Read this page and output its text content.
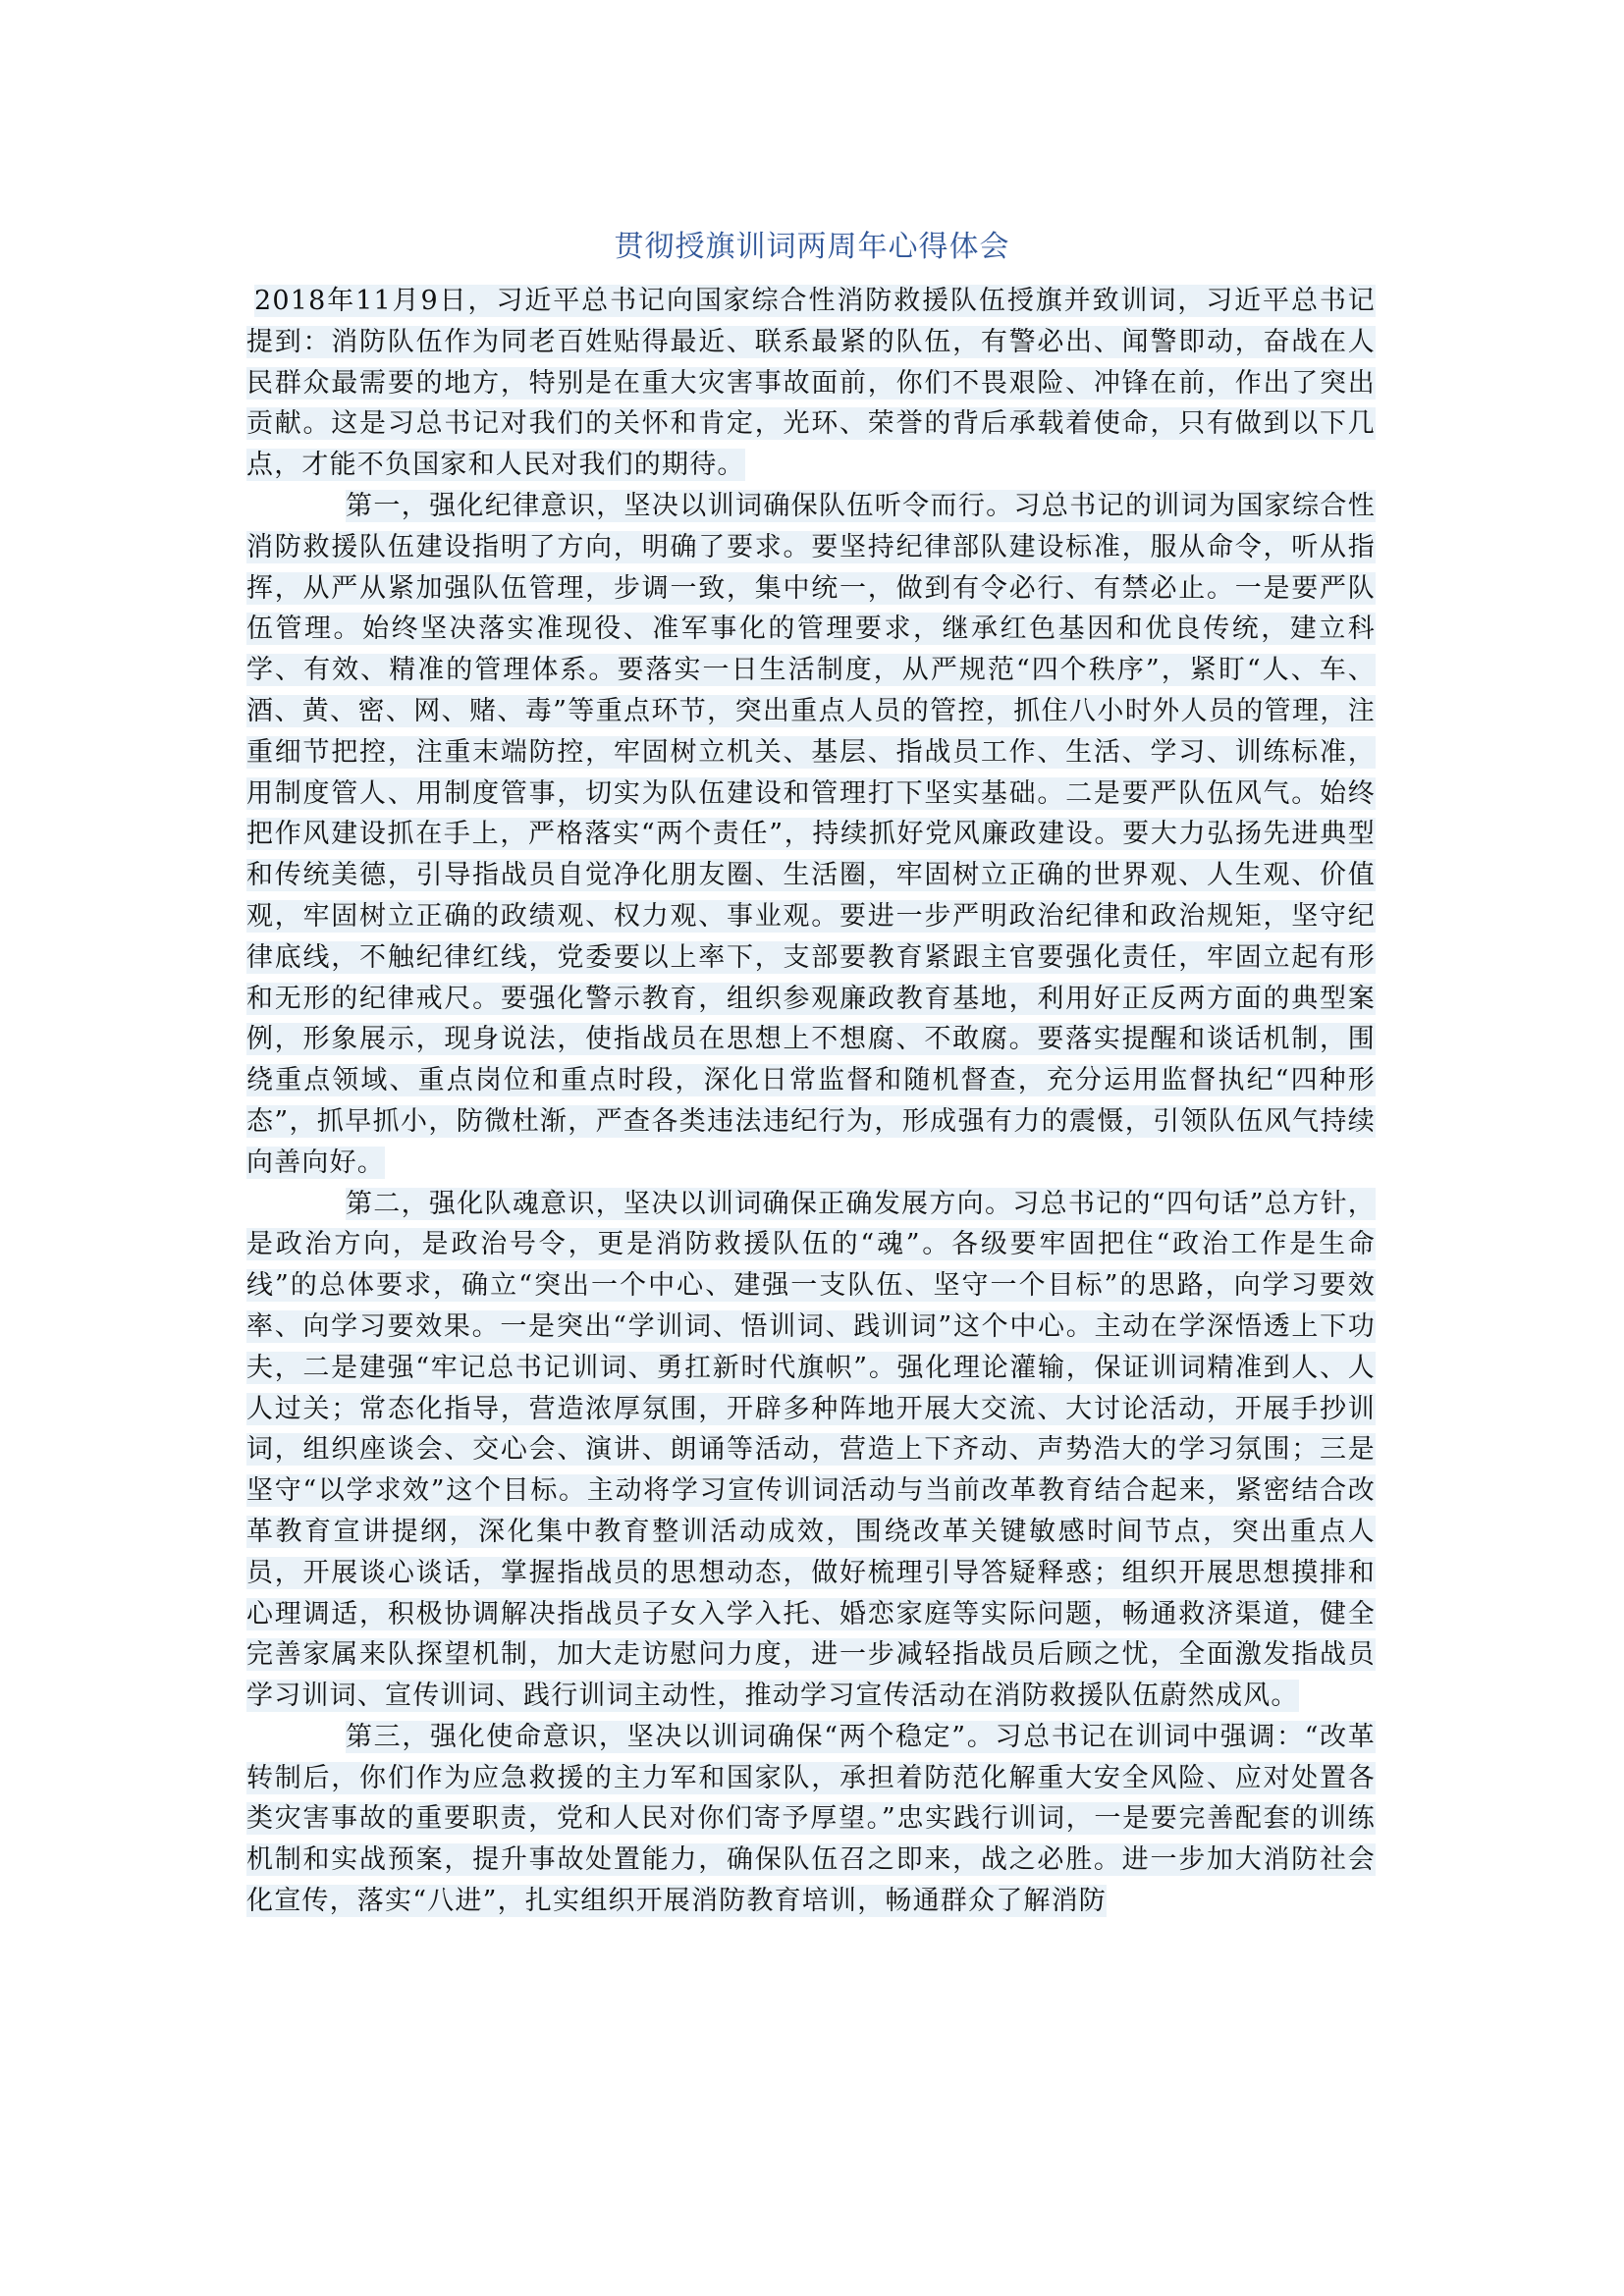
贯彻授旗训词两周年心得体会

2018年11月9日，习近平总书记向国家综合性消防救援队伍授旗并致训词，习近平总书记提到：消防队伍作为同老百姓贴得最近、联系最紧的队伍，有警必出、闻警即动，奋战在人民群众最需要的地方，特别是在重大灾害事故面前，你们不畏艰险、冲锋在前，作出了突出贡献。这是习总书记对我们的关怀和肯定，光环、荣誉的背后承载着使命，只有做到以下几点，才能不负国家和人民对我们的期待。

第一，强化纪律意识，坚决以训词确保队伍听令而行。习总书记的训词为国家综合性消防救援队伍建设指明了方向，明确了要求。要坚持纪律部队建设标准，服从命令，听从指挥，从严从紧加强队伍管理，步调一致，集中统一，做到有令必行、有禁必止。一是要严队伍管理。始终坚决落实准现役、准军事化的管理要求，继承红色基因和优良传统，建立科学、有效、精准的管理体系。要落实一日生活制度，从严规范“四个秩序”，紧盯“人、车、酒、黄、密、网、赌、毒”等重点环节，突出重点人员的管控，抓住八小时外人员的管理，注重细节把控，注重末端防控，牢固树立机关、基层、指战员工作、生活、学习、训练标准，用制度管人、用制度管事，切实为队伍建设和管理打下坚实基础。二是要严队伍风气。始终把作风建设抓在手上，严格落实“两个责任”，持续抓好党风廉政建设。要大力弘扬先进典型和传统美德，引导指战员自觉净化朋友圈、生活圈，牢固树立正确的世界观、人生观、价值观，牢固树立正确的政绩观、权力观、事业观。要进一步严明政治纪律和政治规矩，坚守纪律底线，不触纪律红线，党委要以上率下，支部要教育紧跟主官要强化责任，牢固立起有形和无形的纪律戒尺。要强化警示教育，组织参观廉政教育基地，利用好正反两方面的典型案例，形象展示，现身说法，使指战员在思想上不想腐、不敢腐。要落实提醒和谈话机制，围绕重点领域、重点岗位和重点时段，深化日常监督和随机督查，充分运用监督执纪“四种形态”，抓早抓小，防微杜渐，严查各类违法违纪行为，形成强有力的震慑，引领队伍风气持续向善向好。

第二，强化队魂意识，坚决以训词确保正确发展方向。习总书记的“四句话”总方针，是政治方向，是政治号令，更是消防救援队伍的“魂”。各级要牢固把住“政治工作是生命线”的总体要求，确立“突出一个中心、建强一支队伍、坚守一个目标”的思路，向学习要效率、向学习要效果。一是突出“学训词、悟训词、践训词”这个中心。主动在学深悟透上下功夫，二是建强“牢记总书记训词、勇扛新时代旗帜”。强化理论灌输，保证训词精准到人、人人过关；常态化指导，营造浓厚氛围，开辟多种阵地开展大交流、大讨论活动，开展手抄训词，组织座谈会、交心会、演讲、朗诵等活动，营造上下齐动、声势浩大的学习氛围；三是坚守“以学求效”这个目标。主动将学习宣传训词活动与当前改革教育结合起来，紧密结合改革教育宣讲提纲，深化集中教育整训活动成效，围绕改革关键敏感时间节点，突出重点人员，开展谈心谈话，掌握指战员的思想动态，做好梳理引导答疑释惑；组织开展思想摸排和心理调适，积极协调解决指战员子女入学入托、婚恋家庭等实际问题，畅通救济渠道，健全完善家属来队探望机制，加大走访慰问力度，进一步减轻指战员后顾之忧，全面激发指战员学习训词、宣传训词、践行训词主动性，推动学习宣传活动在消防救援队伍蔚然成风。

第三，强化使命意识，坚决以训词确保“两个稳定”。习总书记在训词中强调：“改革转制后，你们作为应急救援的主力军和国家队，承担着防范化解重大安全风险、应对处置各类灾害事故的重要职责，党和人民对你们寄予厚望。”忠实践行训词，一是要完善配套的训练机制和实战预案，提升事故处置能力，确保队伍召之即来，战之必胜。进一步加大消防社会化宣传，落实“八进”，扎实组织开展消防教育培训，畅通群众了解消防
